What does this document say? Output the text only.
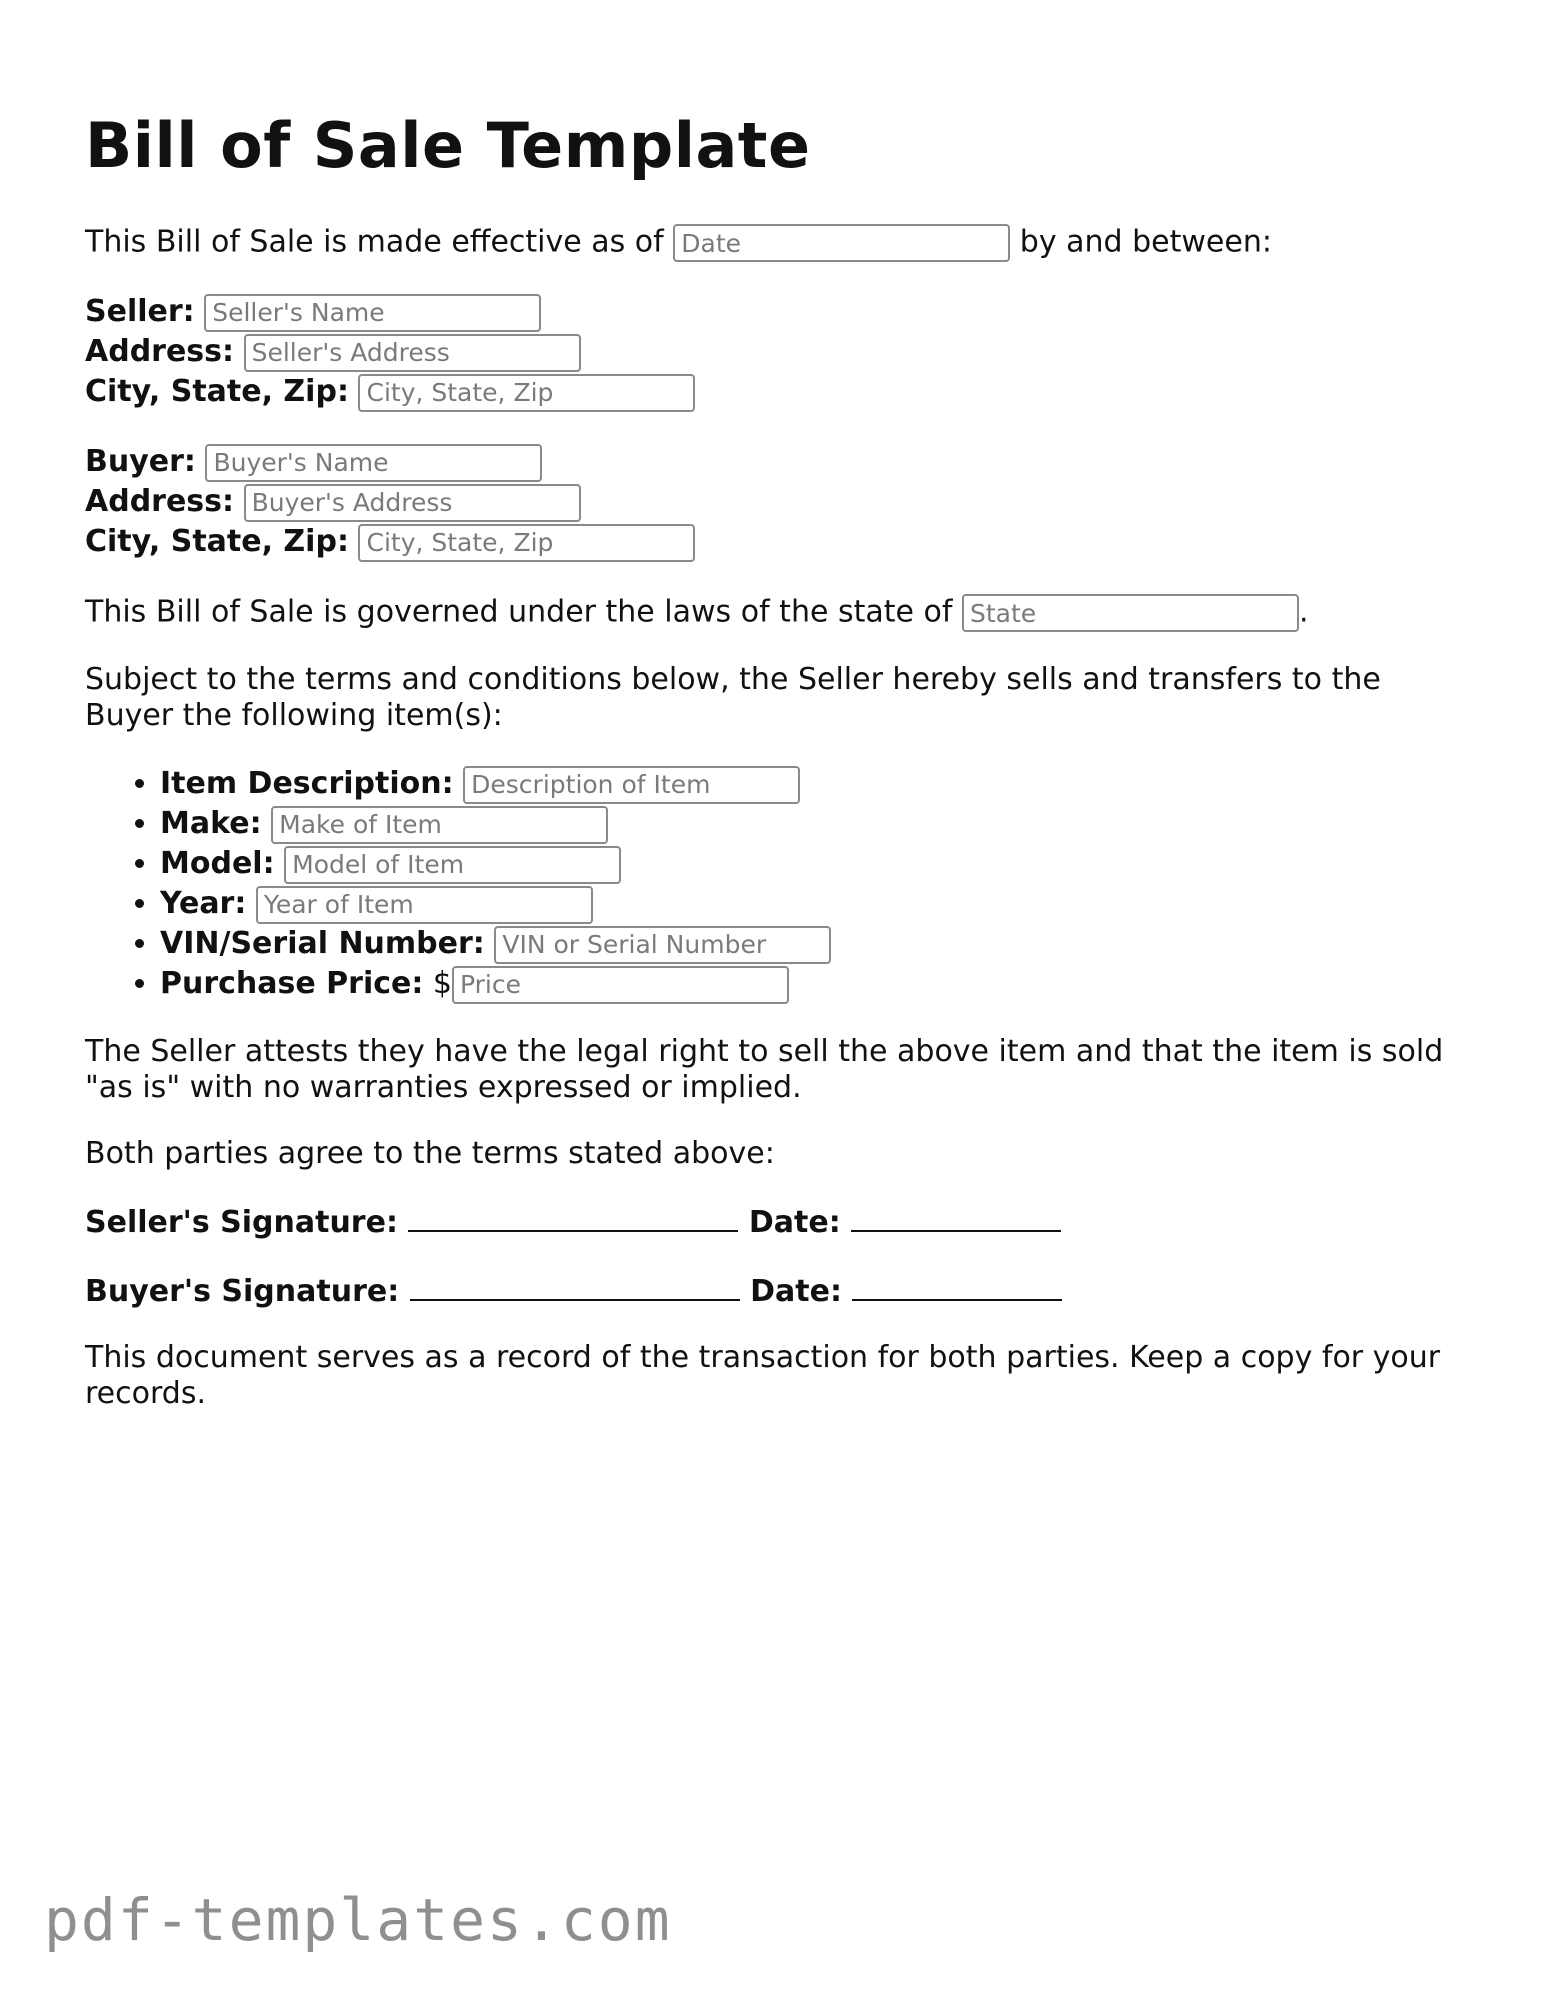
Bill of Sale Template

This Bill of Sale is made effective as of Date	by and between:

Seller: Seller's Name
Address: Seller's Address
City, State, Zip: City, State, Zip
Buyer: Buyer's Name
Address: Buyer's Address
City, State, Zip: City, State, Zip

This Bill of Sale is governed under the laws of the state of State	.

Subject to the terms and conditions below, the Seller hereby sells and transfers to the Buyer the following item(s):

• Item Description: Description of Item
• Make: Make of Item
• Model: Model of Item
• Year: Year of Item
• VIN/Serial Number: VIN or Serial Number
• Purchase Price: $Price

The Seller attests they have the legal right to sell the above item and that the item is sold "as is" with no warranties expressed or implied.

Both parties agree to the terms stated above:

Seller's Signature:	Date:
Buyer's Signature:	Date:

This document serves as a record of the transaction for both parties. Keep a copy for your records.

pdf-templates.com
